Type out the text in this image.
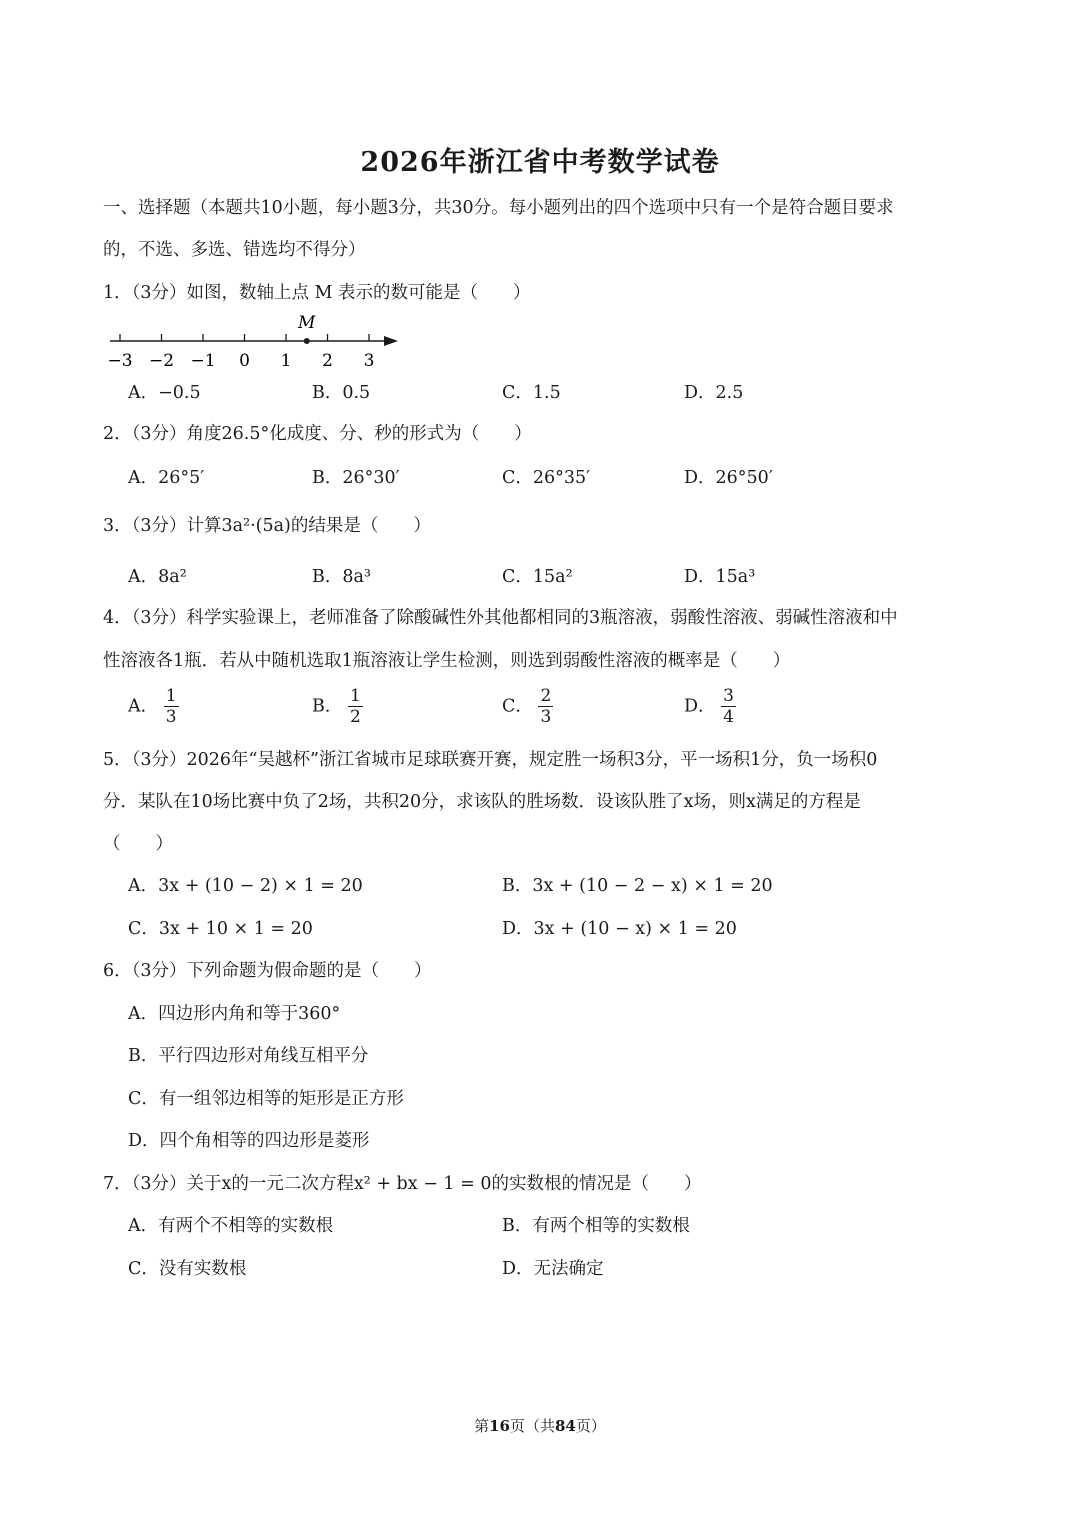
2026年浙江省中考数学试卷
一、选择题（本题共10小题，每小题3分，共30分。每小题列出的四个选项中只有一个是符合题目要求
的，不选、多选、错选均不得分）
1．（3分）如图，数轴上点 M 表示的数可能是（　　）
M
−3 −2 −1 0 1 2 3
A．−0.5	B．0.5	C．1.5	D．2.5
2．（3分）角度26.5°化成度、分、秒的形式为（　　）
A．26°5′	B．26°30′	C．26°35′	D．26°50′
3．（3分）计算3a²·(5a)的结果是（　　）
A．8a²	B．8a³	C．15a²	D．15a³
4．（3分）科学实验课上，老师准备了除酸碱性外其他都相同的3瓶溶液，弱酸性溶液、弱碱性溶液和中
性溶液各1瓶．若从中随机选取1瓶溶液让学生检测，则选到弱酸性溶液的概率是（　　）
A． $\frac{1}{3}$	B． $\frac{1}{2}$	C． $\frac{2}{3}$	D． $\frac{3}{4}$
5．（3分）2026年“吴越杯”浙江省城市足球联赛开赛，规定胜一场积3分，平一场积1分，负一场积0
分．某队在10场比赛中负了2场，共积20分，求该队的胜场数．设该队胜了x场，则x满足的方程是
（　　）
A．3x + (10 − 2) × 1 = 20	B．3x + (10 − 2 − x) × 1 = 20
C．3x + 10 × 1 = 20	D．3x + (10 − x) × 1 = 20
6．（3分）下列命题为假命题的是（　　）
A．四边形内角和等于360°
B．平行四边形对角线互相平分
C．有一组邻边相等的矩形是正方形
D．四个角相等的四边形是菱形
7．（3分）关于x的一元二次方程x² + bx − 1 = 0的实数根的情况是（　　）
A．有两个不相等的实数根	B．有两个相等的实数根
C．没有实数根	D．无法确定
第16页（共84页）
